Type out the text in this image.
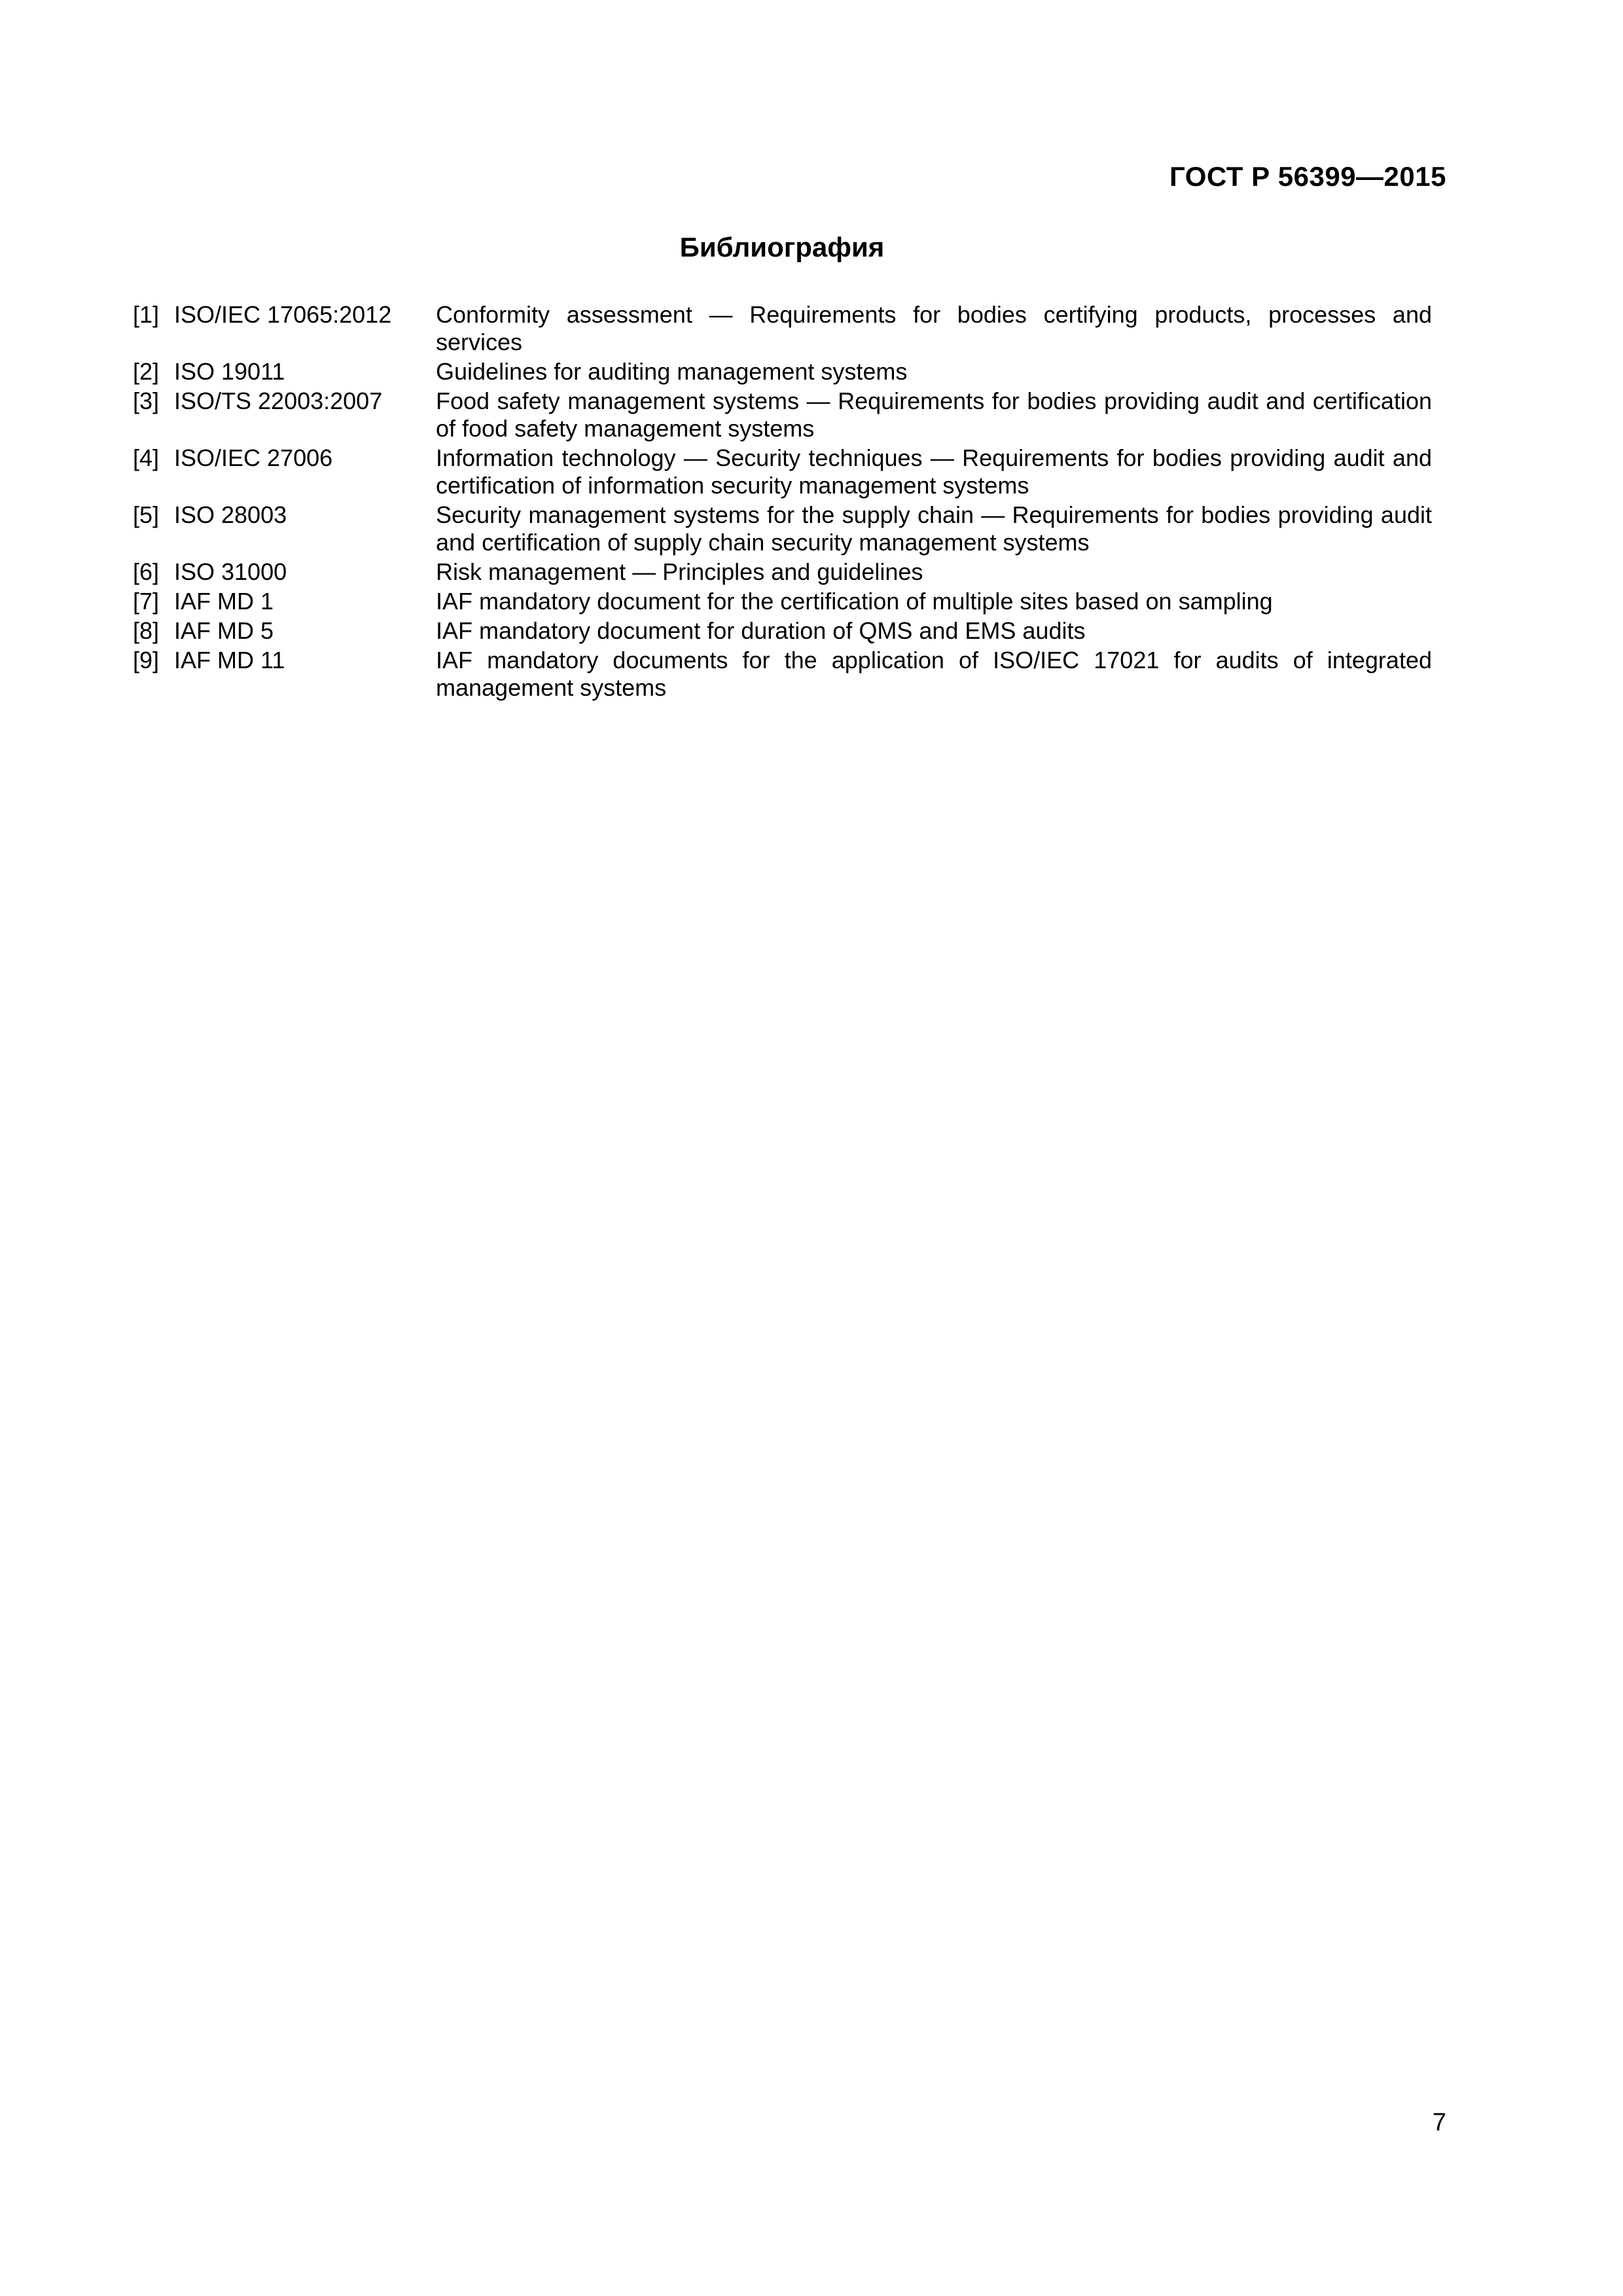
ГОСТ Р 56399—2015
Библиография
[1] ISO/IEC 17065:2012	Conformity assessment — Requirements for bodies certifying products, processes and services
[2] ISO 19011	Guidelines for auditing management systems
[3] ISO/TS 22003:2007	Food safety management systems — Requirements for bodies providing audit and certification of food safety management systems
[4] ISO/IEC 27006	Information technology — Security techniques — Requirements for bodies providing audit and certification of information security management systems
[5] ISO 28003	Security management systems for the supply chain — Requirements for bodies providing audit and certification of supply chain security management systems
[6] ISO 31000	Risk management — Principles and guidelines
[7] IAF MD 1	IAF mandatory document for the certification of multiple sites based on sampling
[8] IAF MD 5	IAF mandatory document for duration of QMS and EMS audits
[9] IAF MD 11	IAF mandatory documents for the application of ISO/IEC 17021 for audits of integrated management systems
7
